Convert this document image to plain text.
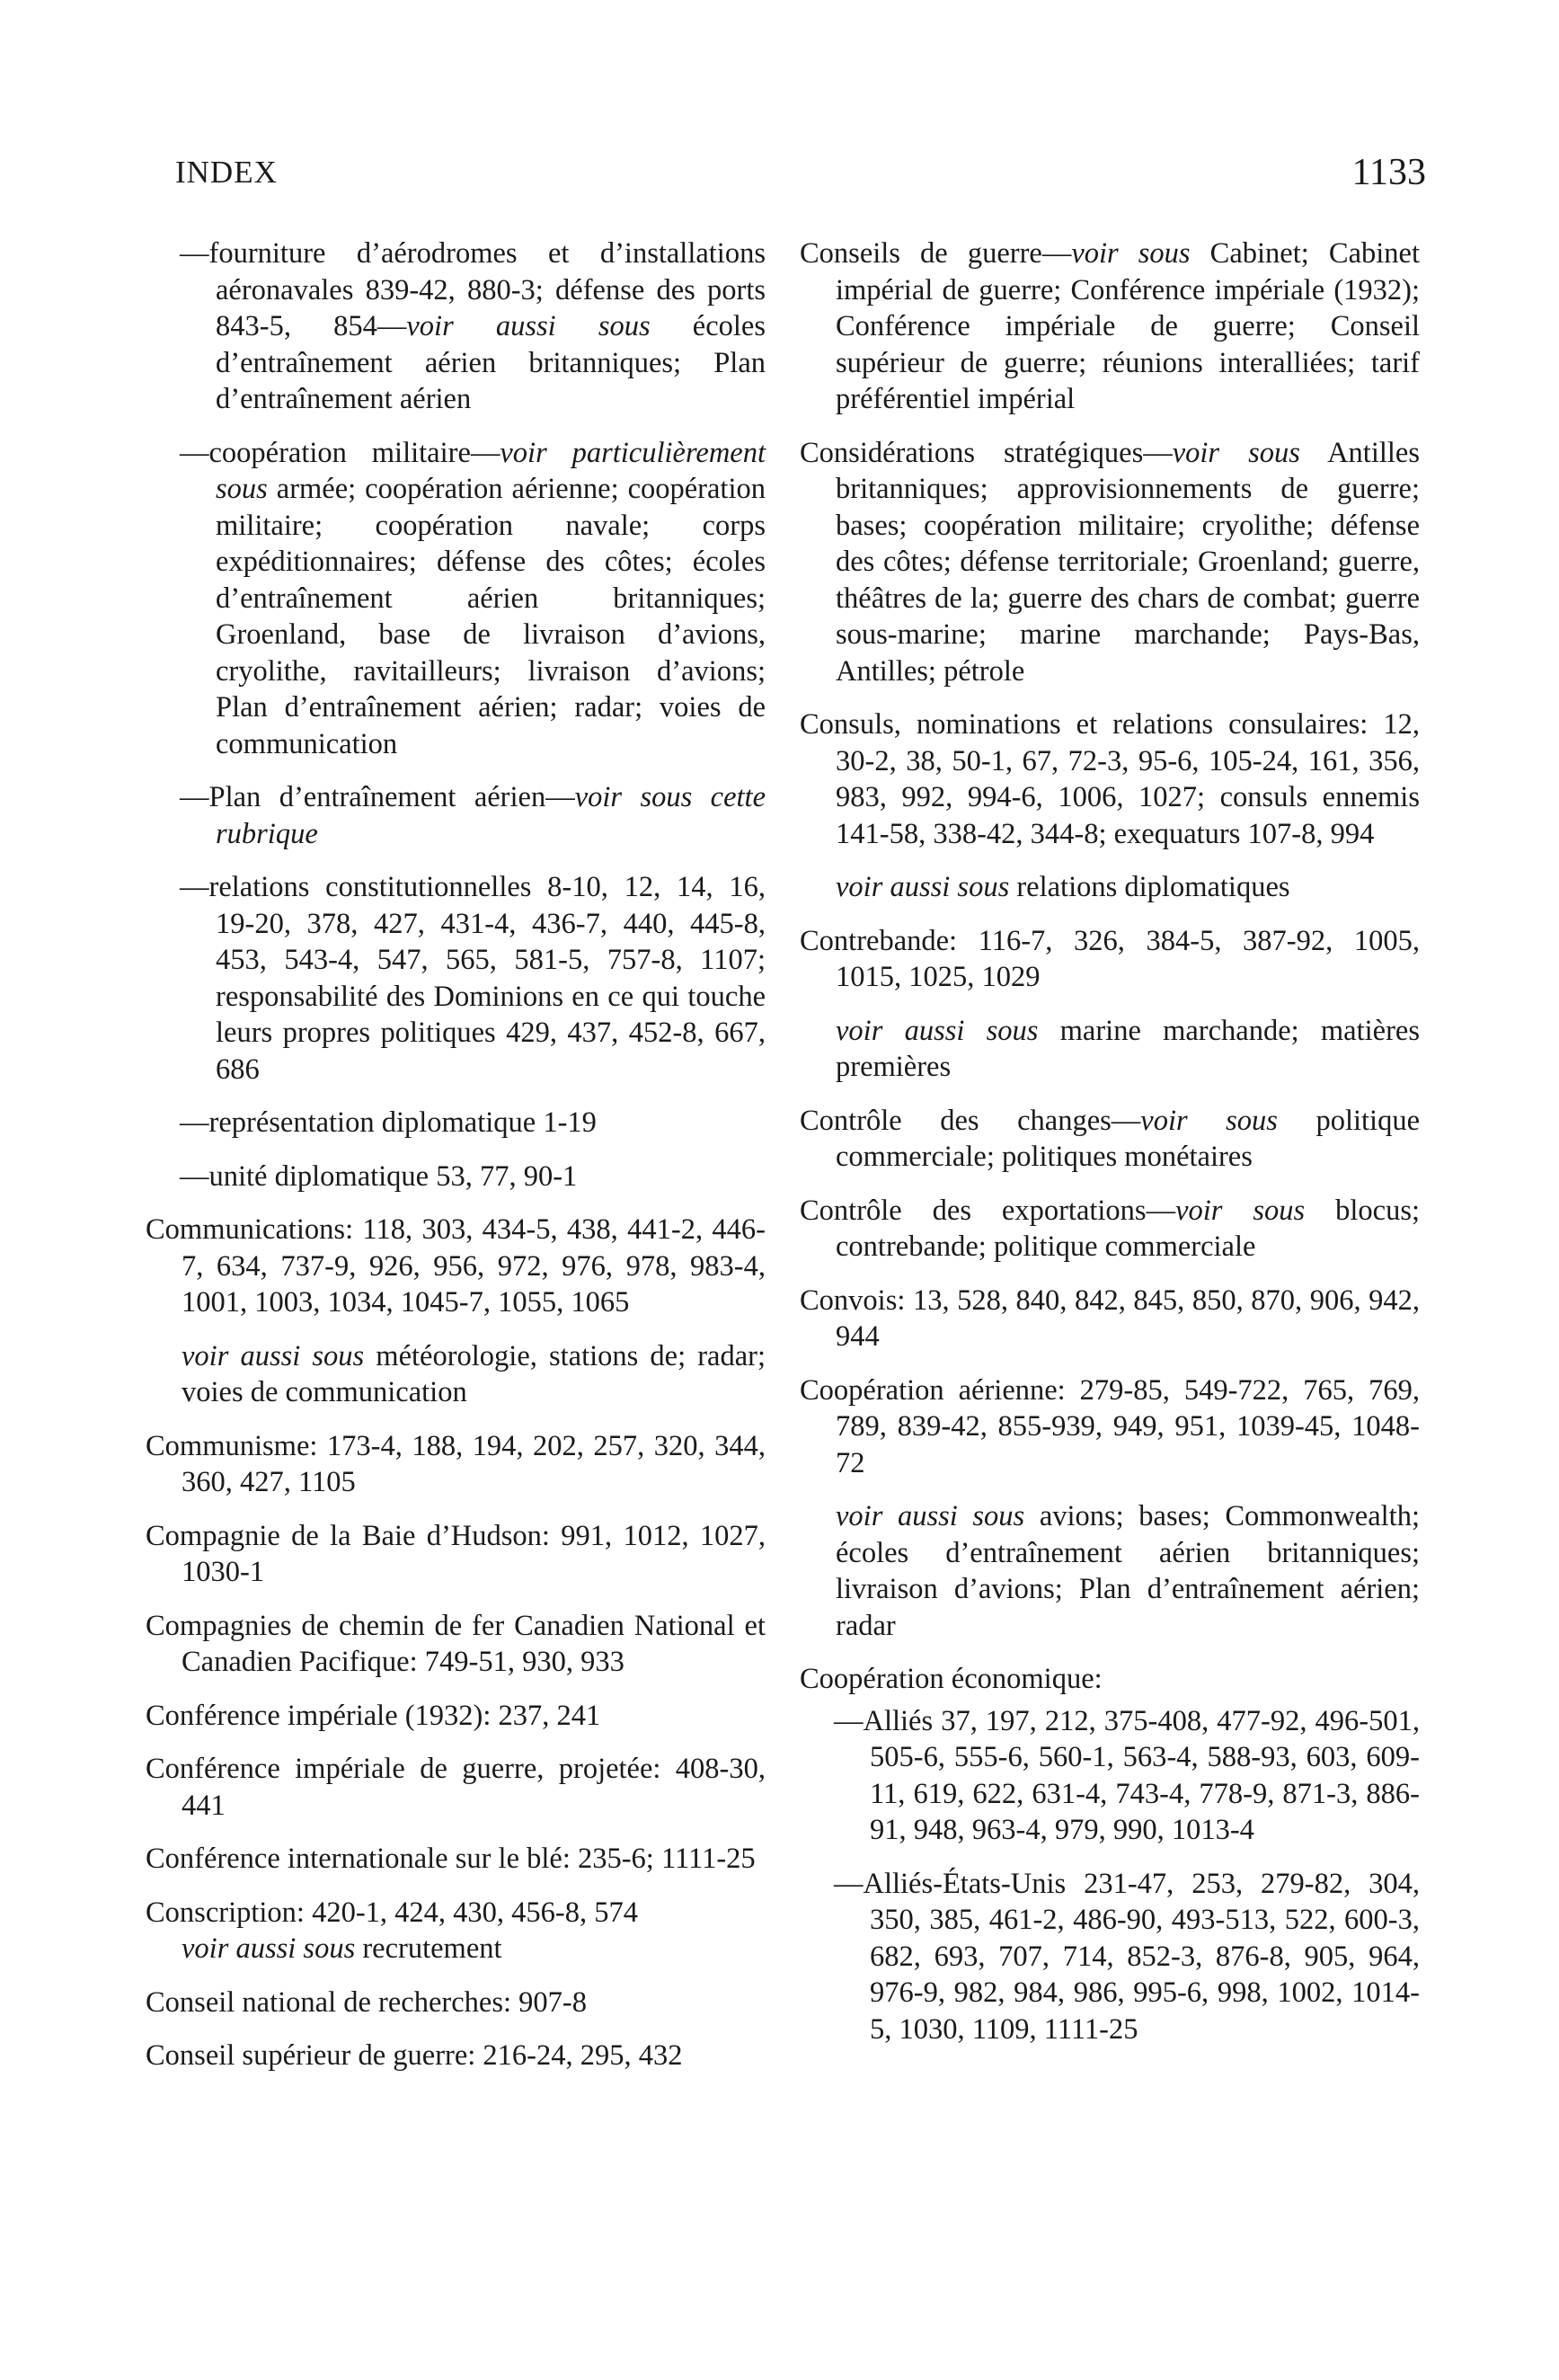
INDEX	1133
—fourniture d’aérodromes et d’installations aéronavales 839-42, 880-3; défense des ports 843-5, 854—voir aussi sous écoles d’entraînement aérien britanniques; Plan d’entraînement aérien
—coopération militaire—voir particulièrement sous armée; coopération aérienne; coopération militaire; coopération navale; corps expéditionnaires; défense des côtes; écoles d’entraînement aérien britanniques; Groenland, base de livraison d’avions, cryolithe, ravitailleurs; livraison d’avions; Plan d’entraînement aérien; radar; voies de communication
—Plan d’entraînement aérien—voir sous cette rubrique
—relations constitutionnelles 8-10, 12, 14, 16, 19-20, 378, 427, 431-4, 436-7, 440, 445-8, 453, 543-4, 547, 565, 581-5, 757-8, 1107; responsabilité des Dominions en ce qui touche leurs propres politiques 429, 437, 452-8, 667, 686
—représentation diplomatique 1-19
—unité diplomatique 53, 77, 90-1
Communications: 118, 303, 434-5, 438, 441-2, 446-7, 634, 737-9, 926, 956, 972, 976, 978, 983-4, 1001, 1003, 1034, 1045-7, 1055, 1065
voir aussi sous météorologie, stations de; radar; voies de communication
Communisme: 173-4, 188, 194, 202, 257, 320, 344, 360, 427, 1105
Compagnie de la Baie d’Hudson: 991, 1012, 1027, 1030-1
Compagnies de chemin de fer Canadien National et Canadien Pacifique: 749-51, 930, 933
Conférence impériale (1932): 237, 241
Conférence impériale de guerre, projetée: 408-30, 441
Conférence internationale sur le blé: 235-6; 1111-25
Conscription: 420-1, 424, 430, 456-8, 574
voir aussi sous recrutement
Conseil national de recherches: 907-8
Conseil supérieur de guerre: 216-24, 295, 432
Conseils de guerre—voir sous Cabinet; Cabinet impérial de guerre; Conférence impériale (1932); Conférence impériale de guerre; Conseil supérieur de guerre; réunions interalliées; tarif préférentiel impérial
Considérations stratégiques—voir sous Antilles britanniques; approvisionnements de guerre; bases; coopération militaire; cryolithe; défense des côtes; défense territoriale; Groenland; guerre, théâtres de la; guerre des chars de combat; guerre sous-marine; marine marchande; Pays-Bas, Antilles; pétrole
Consuls, nominations et relations consulaires: 12, 30-2, 38, 50-1, 67, 72-3, 95-6, 105-24, 161, 356, 983, 992, 994-6, 1006, 1027; consuls ennemis 141-58, 338-42, 344-8; exequaturs 107-8, 994
voir aussi sous relations diplomatiques
Contrebande: 116-7, 326, 384-5, 387-92, 1005, 1015, 1025, 1029
voir aussi sous marine marchande; matières premières
Contrôle des changes—voir sous politique commerciale; politiques monétaires
Contrôle des exportations—voir sous blocus; contrebande; politique commerciale
Convois: 13, 528, 840, 842, 845, 850, 870, 906, 942, 944
Coopération aérienne: 279-85, 549-722, 765, 769, 789, 839-42, 855-939, 949, 951, 1039-45, 1048-72
voir aussi sous avions; bases; Commonwealth; écoles d’entraînement aérien britanniques; livraison d’avions; Plan d’entraînement aérien; radar
Coopération économique:
—Alliés 37, 197, 212, 375-408, 477-92, 496-501, 505-6, 555-6, 560-1, 563-4, 588-93, 603, 609-11, 619, 622, 631-4, 743-4, 778-9, 871-3, 886-91, 948, 963-4, 979, 990, 1013-4
—Alliés-États-Unis 231-47, 253, 279-82, 304, 350, 385, 461-2, 486-90, 493-513, 522, 600-3, 682, 693, 707, 714, 852-3, 876-8, 905, 964, 976-9, 982, 984, 986, 995-6, 998, 1002, 1014-5, 1030, 1109, 1111-25
